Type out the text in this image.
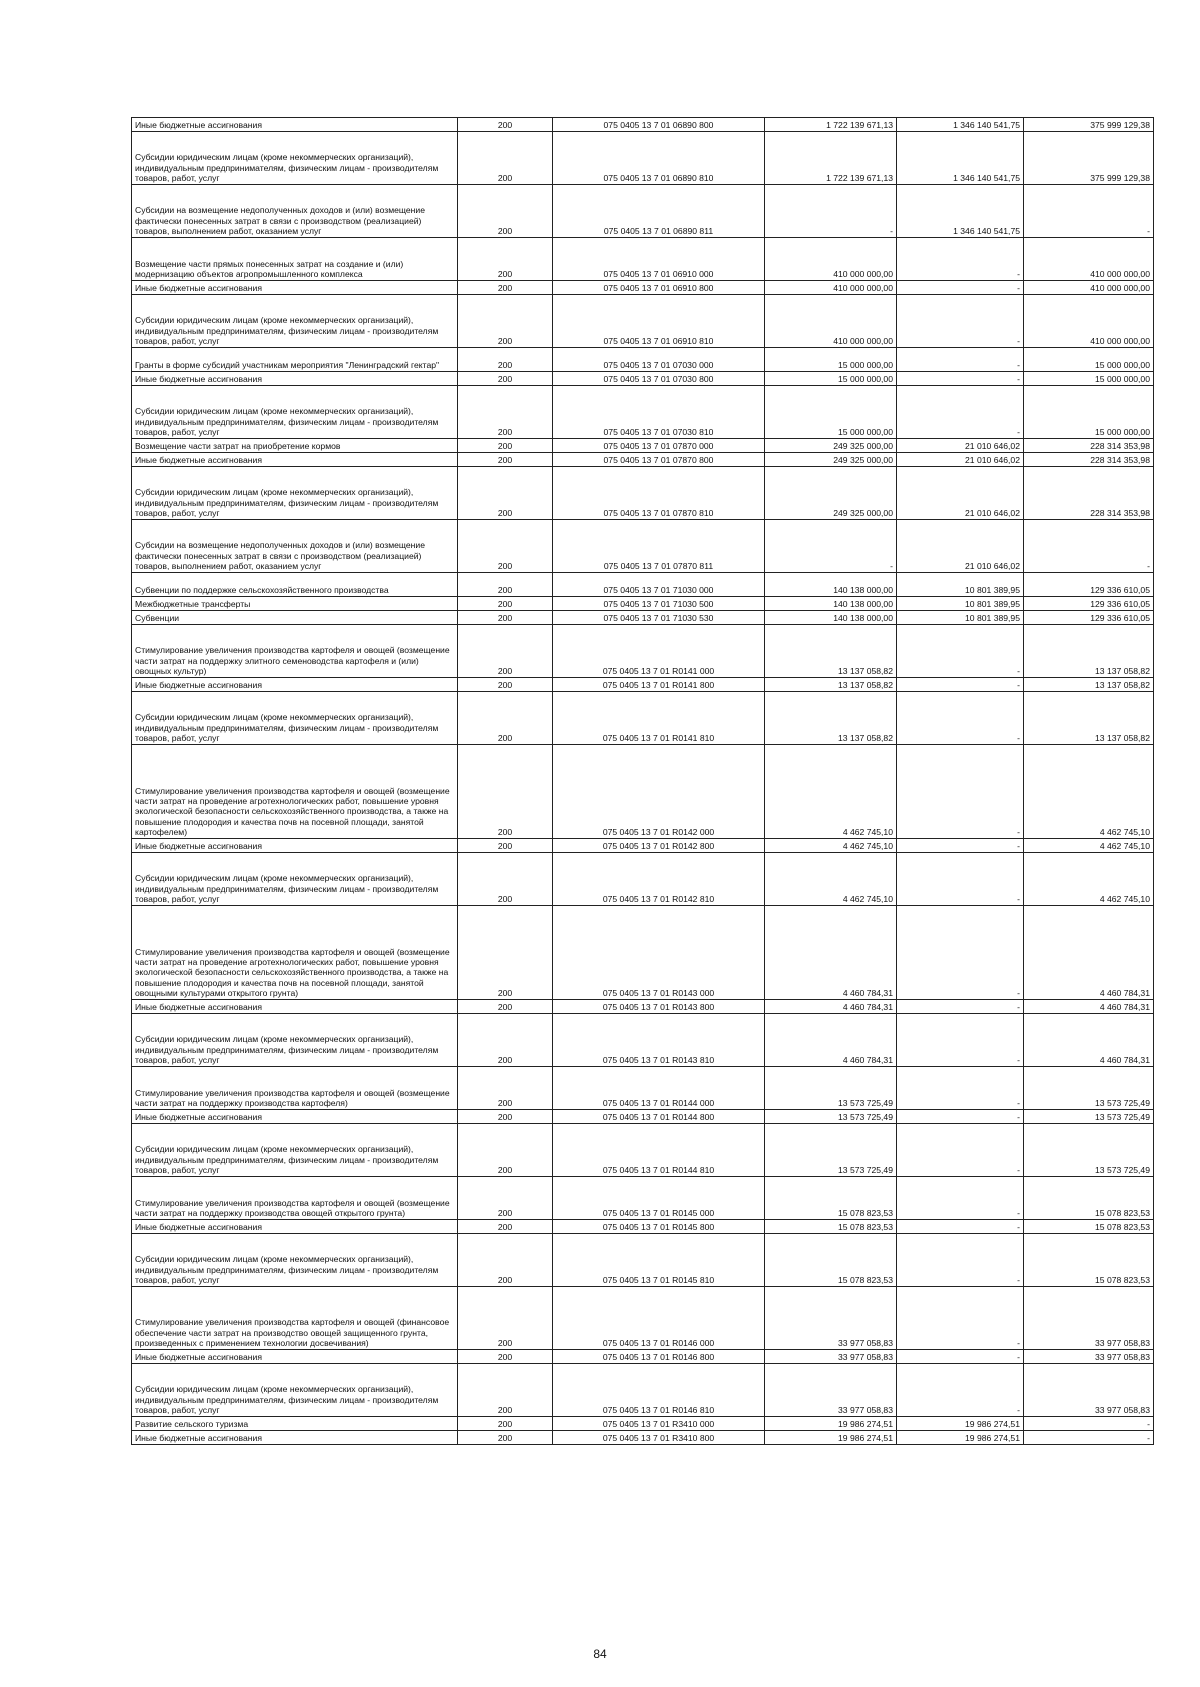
Иные бюджетные ассигнования	200	075 0405 13 7 01 06890 800	1 722 139 671,13	1 346 140 541,75	375 999 129,38
Субсидии юридическим лицам (кроме некоммерческих организаций), индивидуальным предпринимателям, физическим лицам - производителям товаров, работ, услуг	200	075 0405 13 7 01 06890 810	1 722 139 671,13	1 346 140 541,75	375 999 129,38
Субсидии на возмещение недополученных доходов и (или) возмещение фактически понесенных затрат в связи с производством (реализацией) товаров, выполнением работ, оказанием услуг	200	075 0405 13 7 01 06890 811	-	1 346 140 541,75	-
Возмещение части прямых понесенных затрат на создание и (или) модернизацию объектов агропромышленного комплекса	200	075 0405 13 7 01 06910 000	410 000 000,00	-	410 000 000,00
Иные бюджетные ассигнования	200	075 0405 13 7 01 06910 800	410 000 000,00	-	410 000 000,00
Субсидии юридическим лицам (кроме некоммерческих организаций), индивидуальным предпринимателям, физическим лицам - производителям товаров, работ, услуг	200	075 0405 13 7 01 06910 810	410 000 000,00	-	410 000 000,00
Гранты в форме субсидий участникам мероприятия "Ленинградский гектар"	200	075 0405 13 7 01 07030 000	15 000 000,00	-	15 000 000,00
Иные бюджетные ассигнования	200	075 0405 13 7 01 07030 800	15 000 000,00	-	15 000 000,00
Субсидии юридическим лицам (кроме некоммерческих организаций), индивидуальным предпринимателям, физическим лицам - производителям товаров, работ, услуг	200	075 0405 13 7 01 07030 810	15 000 000,00	-	15 000 000,00
Возмещение части затрат на приобретение кормов	200	075 0405 13 7 01 07870 000	249 325 000,00	21 010 646,02	228 314 353,98
Иные бюджетные ассигнования	200	075 0405 13 7 01 07870 800	249 325 000,00	21 010 646,02	228 314 353,98
Субсидии юридическим лицам (кроме некоммерческих организаций), индивидуальным предпринимателям, физическим лицам - производителям товаров, работ, услуг	200	075 0405 13 7 01 07870 810	249 325 000,00	21 010 646,02	228 314 353,98
Субсидии на возмещение недополученных доходов и (или) возмещение фактически понесенных затрат в связи с производством (реализацией) товаров, выполнением работ, оказанием услуг	200	075 0405 13 7 01 07870 811	-	21 010 646,02	-
Субвенции по поддержке сельскохозяйственного производства	200	075 0405 13 7 01 71030 000	140 138 000,00	10 801 389,95	129 336 610,05
Межбюджетные трансферты	200	075 0405 13 7 01 71030 500	140 138 000,00	10 801 389,95	129 336 610,05
Субвенции	200	075 0405 13 7 01 71030 530	140 138 000,00	10 801 389,95	129 336 610,05
Стимулирование увеличения производства картофеля и овощей (возмещение части затрат на поддержку элитного семеноводства картофеля и (или) овощных культур)	200	075 0405 13 7 01 R0141 000	13 137 058,82	-	13 137 058,82
Иные бюджетные ассигнования	200	075 0405 13 7 01 R0141 800	13 137 058,82	-	13 137 058,82
Субсидии юридическим лицам (кроме некоммерческих организаций), индивидуальным предпринимателям, физическим лицам - производителям товаров, работ, услуг	200	075 0405 13 7 01 R0141 810	13 137 058,82	-	13 137 058,82
Стимулирование увеличения производства картофеля и овощей (возмещение части затрат на проведение агротехнологических работ, повышение уровня экологической безопасности сельскохозяйственного производства, а также на повышение плодородия и качества почв на посевной площади, занятой картофелем)	200	075 0405 13 7 01 R0142 000	4 462 745,10	-	4 462 745,10
Иные бюджетные ассигнования	200	075 0405 13 7 01 R0142 800	4 462 745,10	-	4 462 745,10
Субсидии юридическим лицам (кроме некоммерческих организаций), индивидуальным предпринимателям, физическим лицам - производителям товаров, работ, услуг	200	075 0405 13 7 01 R0142 810	4 462 745,10	-	4 462 745,10
Стимулирование увеличения производства картофеля и овощей (возмещение части затрат на проведение агротехнологических работ, повышение уровня экологической безопасности сельскохозяйственного производства, а также на повышение плодородия и качества почв на посевной площади, занятой овощными культурами открытого грунта)	200	075 0405 13 7 01 R0143 000	4 460 784,31	-	4 460 784,31
Иные бюджетные ассигнования	200	075 0405 13 7 01 R0143 800	4 460 784,31	-	4 460 784,31
Субсидии юридическим лицам (кроме некоммерческих организаций), индивидуальным предпринимателям, физическим лицам - производителям товаров, работ, услуг	200	075 0405 13 7 01 R0143 810	4 460 784,31	-	4 460 784,31
Стимулирование увеличения производства картофеля и овощей (возмещение части затрат на поддержку производства картофеля)	200	075 0405 13 7 01 R0144 000	13 573 725,49	-	13 573 725,49
Иные бюджетные ассигнования	200	075 0405 13 7 01 R0144 800	13 573 725,49	-	13 573 725,49
Субсидии юридическим лицам (кроме некоммерческих организаций), индивидуальным предпринимателям, физическим лицам - производителям товаров, работ, услуг	200	075 0405 13 7 01 R0144 810	13 573 725,49	-	13 573 725,49
Стимулирование увеличения производства картофеля и овощей (возмещение части затрат на поддержку производства овощей открытого грунта)	200	075 0405 13 7 01 R0145 000	15 078 823,53	-	15 078 823,53
Иные бюджетные ассигнования	200	075 0405 13 7 01 R0145 800	15 078 823,53	-	15 078 823,53
Субсидии юридическим лицам (кроме некоммерческих организаций), индивидуальным предпринимателям, физическим лицам - производителям товаров, работ, услуг	200	075 0405 13 7 01 R0145 810	15 078 823,53	-	15 078 823,53
Стимулирование увеличения производства картофеля и овощей (финансовое обеспечение части затрат на производство овощей защищенного грунта, произведенных с применением технологии досвечивания)	200	075 0405 13 7 01 R0146 000	33 977 058,83	-	33 977 058,83
Иные бюджетные ассигнования	200	075 0405 13 7 01 R0146 800	33 977 058,83	-	33 977 058,83
Субсидии юридическим лицам (кроме некоммерческих организаций), индивидуальным предпринимателям, физическим лицам - производителям товаров, работ, услуг	200	075 0405 13 7 01 R0146 810	33 977 058,83	-	33 977 058,83
Развитие сельского туризма	200	075 0405 13 7 01 R3410 000	19 986 274,51	19 986 274,51	-
Иные бюджетные ассигнования	200	075 0405 13 7 01 R3410 800	19 986 274,51	19 986 274,51	-
84
